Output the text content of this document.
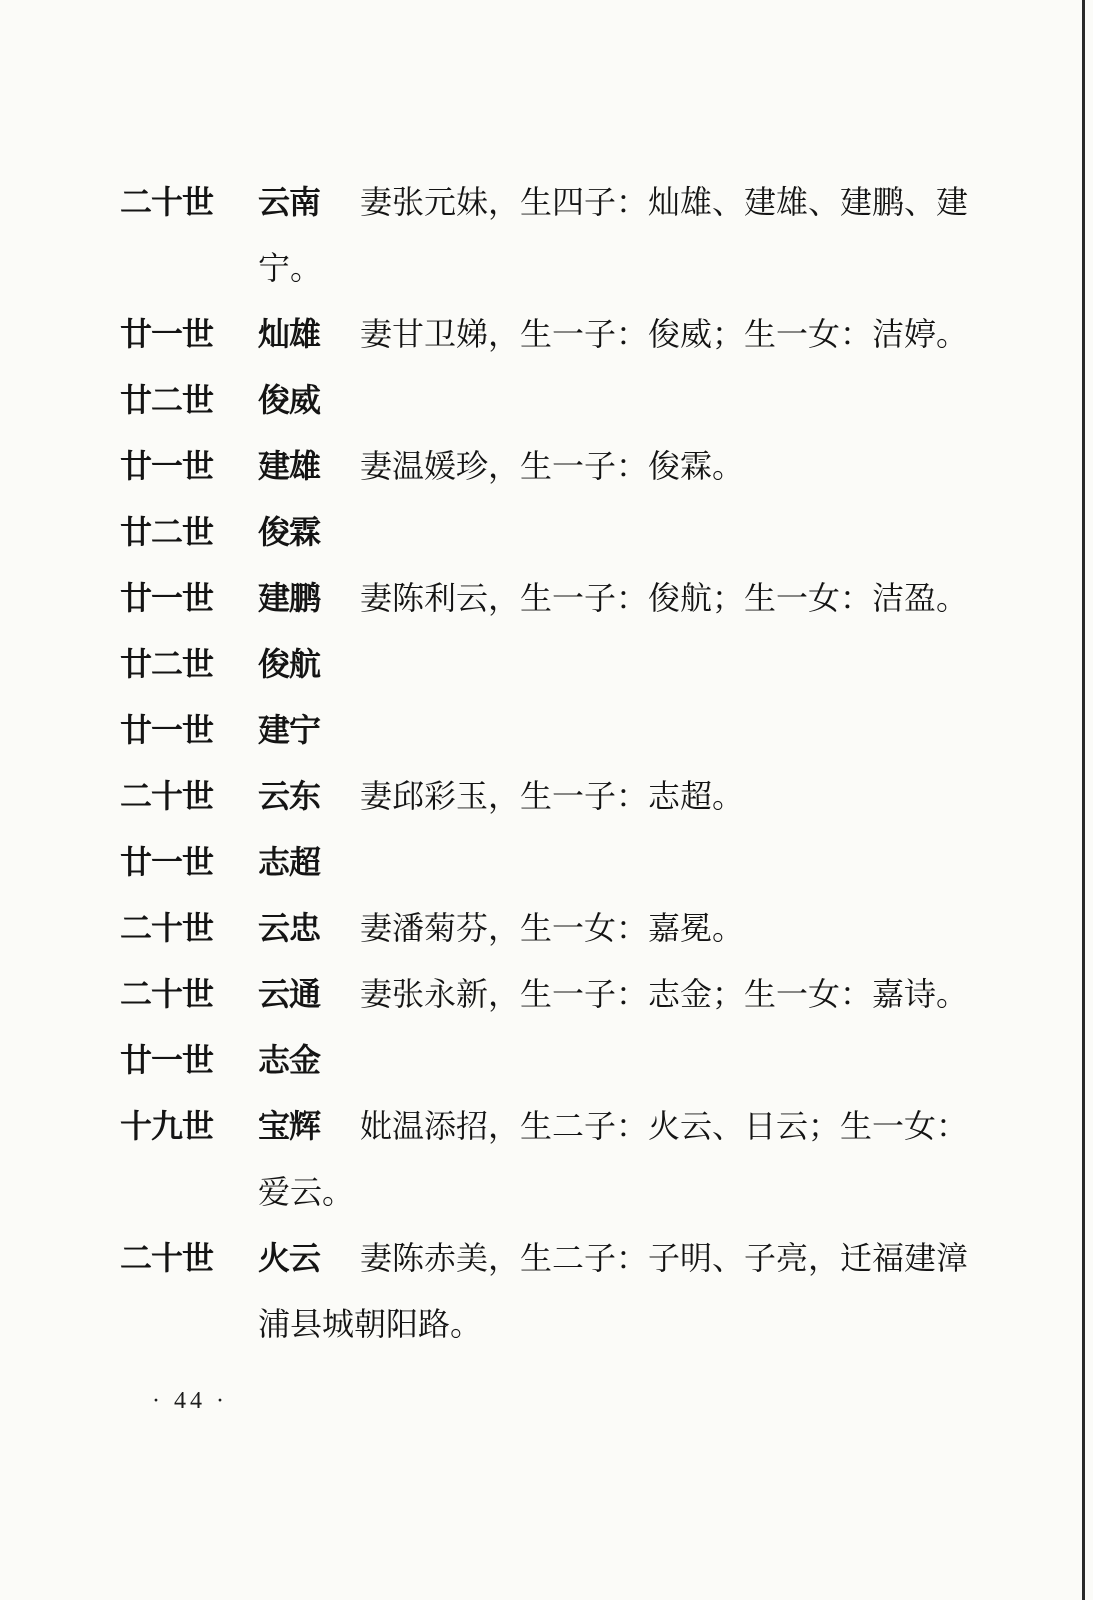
二十世	云南	妻张元妹，生四子：灿雄、建雄、建鹏、建
宁。
廿一世	灿雄	妻甘卫娣，生一子：俊威；生一女：洁婷。
廿二世	俊威
廿一世	建雄	妻温媛珍，生一子：俊霖。
廿二世	俊霖
廿一世	建鹏	妻陈利云，生一子：俊航；生一女：洁盈。
廿二世	俊航
廿一世	建宁
二十世	云东	妻邱彩玉，生一子：志超。
廿一世	志超
二十世	云忠	妻潘菊芬，生一女：嘉冕。
二十世	云通	妻张永新，生一子：志金；生一女：嘉诗。
廿一世	志金
十九世	宝辉	妣温添招，生二子：火云、日云；生一女：
爱云。
二十世	火云	妻陈赤美，生二子：子明、子亮，迁福建漳
浦县城朝阳路。
· 44 ·
